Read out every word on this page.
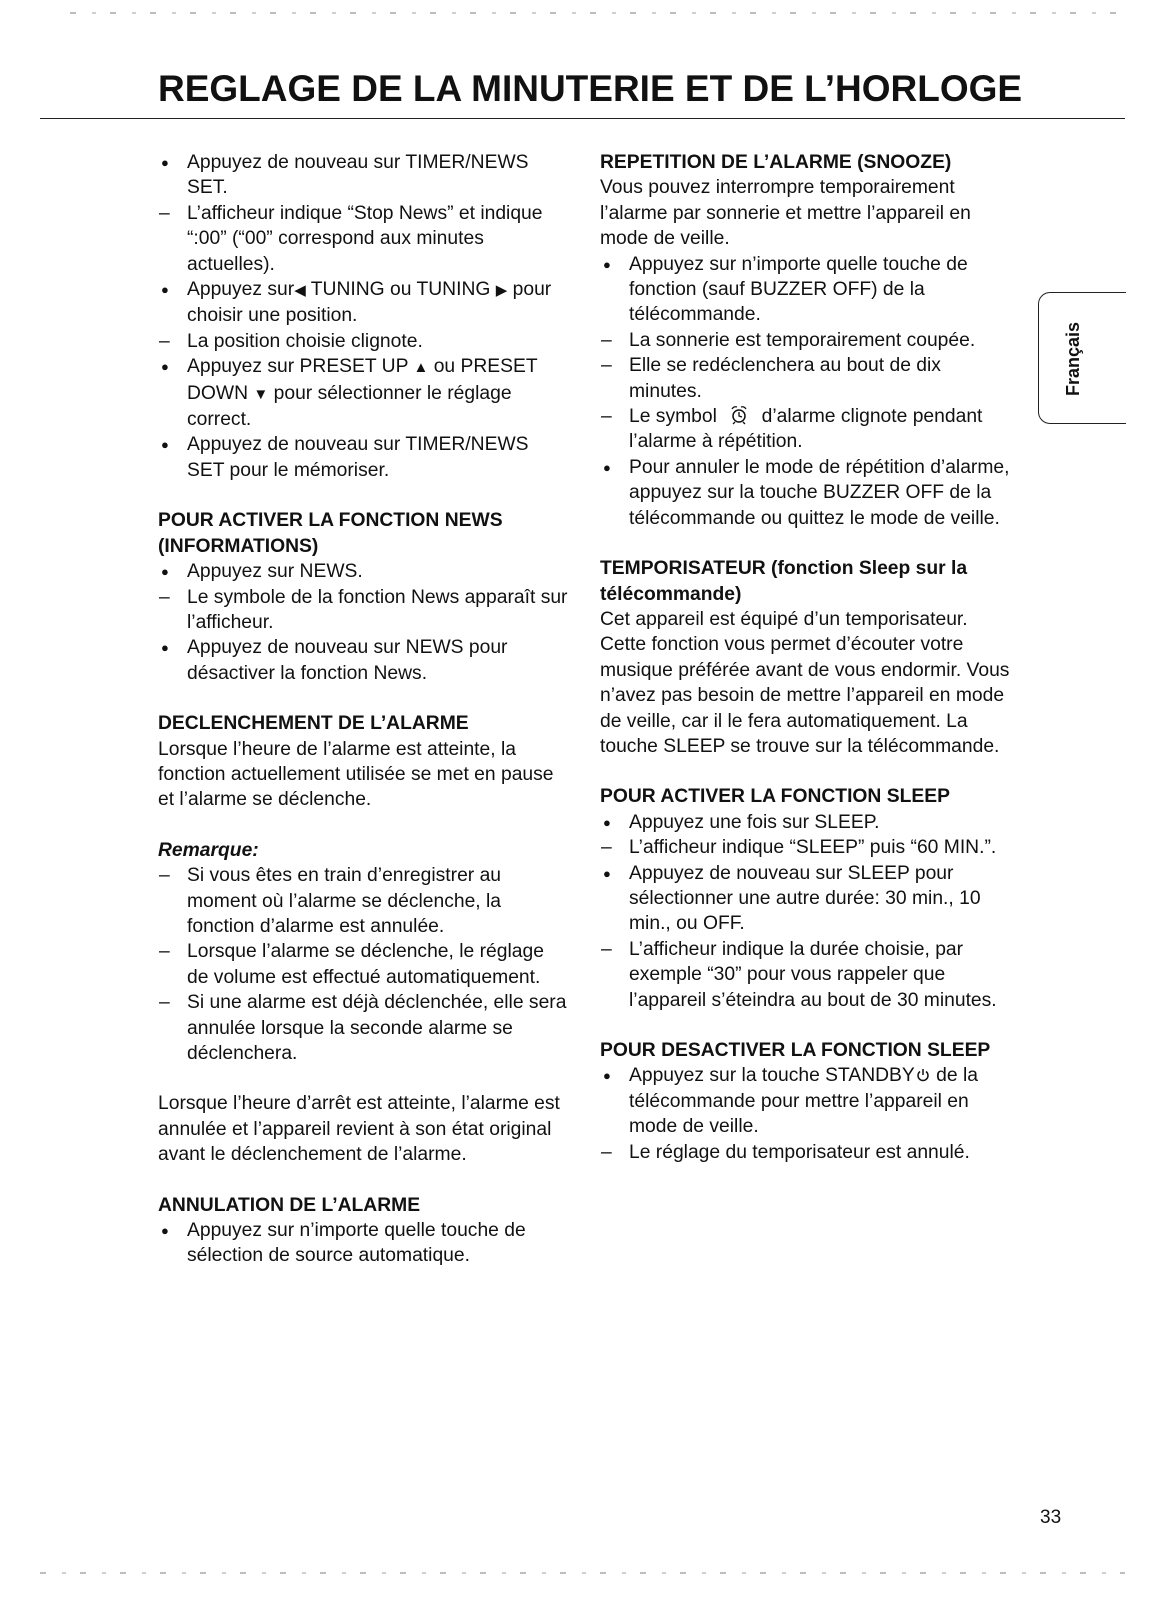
REGLAGE DE LA MINUTERIE ET DE L’HORLOGE
● Appuyez de nouveau sur TIMER/NEWS SET.
– L’afficheur indique “Stop News” et indique “:00” (“00” correspond aux minutes actuelles).
● Appuyez sur◀ TUNING ou TUNING ▶ pour choisir une position.
– La position choisie clignote.
● Appuyez sur PRESET UP ▲ ou PRESET DOWN ▼ pour sélectionner le réglage correct.
● Appuyez de nouveau sur TIMER/NEWS SET pour le mémoriser.
POUR ACTIVER LA FONCTION NEWS (INFORMATIONS)
● Appuyez sur NEWS.
– Le symbole de la fonction News apparaît sur l’afficheur.
● Appuyez de nouveau sur NEWS pour désactiver la fonction News.
DECLENCHEMENT DE L’ALARME

Lorsque l’heure de l’alarme est atteinte, la fonction actuellement utilisée se met en pause et l’alarme se déclenche.

Remarque:
– Si vous êtes en train d’enregistrer au moment où l’alarme se déclenche, la fonction d’alarme est annulée.
– Lorsque l’alarme se déclenche, le réglage de volume est effectué automatiquement.
– Si une alarme est déjà déclenchée, elle sera annulée lorsque la seconde alarme se déclenchera.

Lorsque l’heure d’arrêt est atteinte, l’alarme est annulée et l’appareil revient à son état original avant le déclenchement de l’alarme.

ANNULATION DE L’ALARME
● Appuyez sur n’importe quelle touche de sélection de source automatique.
REPETITION DE L’ALARME (SNOOZE)

Vous pouvez interrompre temporairement l’alarme par sonnerie et mettre l’appareil en mode de veille.

● Appuyez sur n’importe quelle touche de fonction (sauf BUZZER OFF) de la télécommande.
– La sonnerie est temporairement coupée.
– Elle se redéclenchera au bout de dix minutes.
– Le symbol  d’alarme clignote pendant l’alarme à répétition.
● Pour annuler le mode de répétition d’alarme, appuyez sur la touche BUZZER OFF de la télécommande ou quittez le mode de veille.
TEMPORISATEUR (fonction Sleep sur la télécommande)

Cet appareil est équipé d’un temporisateur. Cette fonction vous permet d’écouter votre musique préférée avant de vous endormir. Vous n’avez pas besoin de mettre l’appareil en mode de veille, car il le fera automatiquement. La touche SLEEP se trouve sur la télécommande.

POUR ACTIVER LA FONCTION SLEEP
● Appuyez une fois sur SLEEP.
– L’afficheur indique “SLEEP” puis “60 MIN.”.
● Appuyez de nouveau sur SLEEP pour sélectionner une autre durée: 30 min., 10 min., ou OFF.
– L’afficheur indique la durée choisie, par exemple “30” pour vous rappeler que l’appareil s’éteindra au bout de 30 minutes.
POUR DESACTIVER LA FONCTION SLEEP
● Appuyez sur la touche STANDBY de la télécommande pour mettre l’appareil en mode de veille.
– Le réglage du temporisateur est annulé.
Français
33
